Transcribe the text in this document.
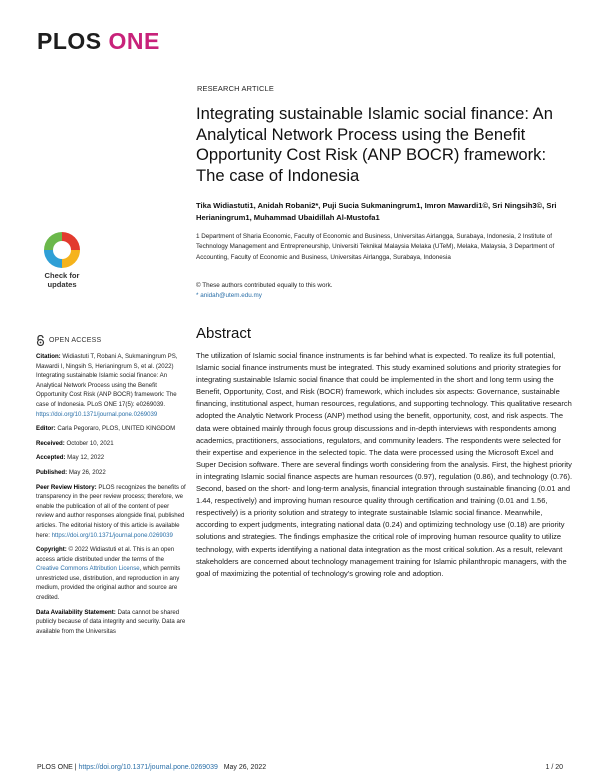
PLOS ONE
Check for updates
OPEN ACCESS

Citation: Widiastuti T, Robani A, Sukmaningrum PS, Mawardi I, Ningsih S, Herianingrum S, et al. (2022) Integrating sustainable Islamic social finance: An Analytical Network Process using the Benefit Opportunity Cost Risk (ANP BOCR) framework: The case of Indonesia. PLoS ONE 17(5): e0269039. https://doi.org/10.1371/journal.pone.0269039

Editor: Carla Pegoraro, PLOS, UNITED KINGDOM

Received: October 10, 2021

Accepted: May 12, 2022

Published: May 26, 2022

Peer Review History: PLOS recognizes the benefits of transparency in the peer review process; therefore, we enable the publication of all of the content of peer review and author responses alongside final, published articles. The editorial history of this article is available here: https://doi.org/10.1371/journal.pone.0269039

Copyright: © 2022 Widiastuti et al. This is an open access article distributed under the terms of the Creative Commons Attribution License, which permits unrestricted use, distribution, and reproduction in any medium, provided the original author and source are credited.

Data Availability Statement: Data cannot be shared publicly because of data integrity and security. Data are available from the Universitas

RESEARCH ARTICLE
Integrating sustainable Islamic social finance: An Analytical Network Process using the Benefit Opportunity Cost Risk (ANP BOCR) framework: The case of Indonesia
Tika Widiastuti1, Anidah Robani2*, Puji Sucia Sukmaningrum1, Imron Mawardi1©, Sri Ningsih3©, Sri Herianingrum1, Muhammad Ubaidillah Al-Mustofa1
1 Department of Sharia Economic, Faculty of Economic and Business, Universitas Airlangga, Surabaya, Indonesia, 2 Institute of Technology Management and Entrepreneurship, Universiti Teknikal Malaysia Melaka (UTeM), Melaka, Malaysia, 3 Department of Accounting, Faculty of Economic and Business, Universitas Airlangga, Surabaya, Indonesia
© These authors contributed equally to this work.
* anidah@utem.edu.my
Abstract

The utilization of Islamic social finance instruments is far behind what is expected. To realize its full potential, Islamic social finance instruments must be integrated. This study examined solutions and priority strategies for integrating sustainable Islamic social finance that could be implemented in the short and long term using the Benefit, Opportunity, Cost, and Risk (BOCR) framework, which includes six aspects: Governance, sustainable financing, institutional aspect, human resources, regulations, and supporting technology. This qualitative research adopted the Analytic Network Process (ANP) method using the benefit, opportunity, cost, and risk aspects. The data were obtained mainly through focus group discussions and in-depth interviews with respondents among academics, practitioners, associations, regulators, and community leaders. The respondents were selected for their expertise and experience in the selected topic. The data were processed using the Microsoft Excel and Super Decision software. There are several findings worth considering from the analysis. First, the highest priority in integrating Islamic social finance aspects are human resources (0.97), regulation (0.86), and technology (0.76). Second, based on the short- and long-term analysis, financial integration through sustainable financing (0.01 and 1.44, respectively) and improving human resource quality through certification and training (0.01 and 1.56, respectively) is a priority solution and strategy to integrate sustainable Islamic social finance. Meanwhile, according to expert judgments, integrating national data (0.24) and optimizing technology use (0.18) are priority solutions and strategies. The findings emphasize the critical role of improving human resource quality to utilize technology, with experts identifying a national data integration as the most critical solution. As a result, relevant stakeholders are concerned about technology management training for Islamic philanthropic managers, with the goal of maximizing the potential of technology's growing role and adoption.

PLOS ONE | https://doi.org/10.1371/journal.pone.0269039 May 26, 2022	1 / 20
